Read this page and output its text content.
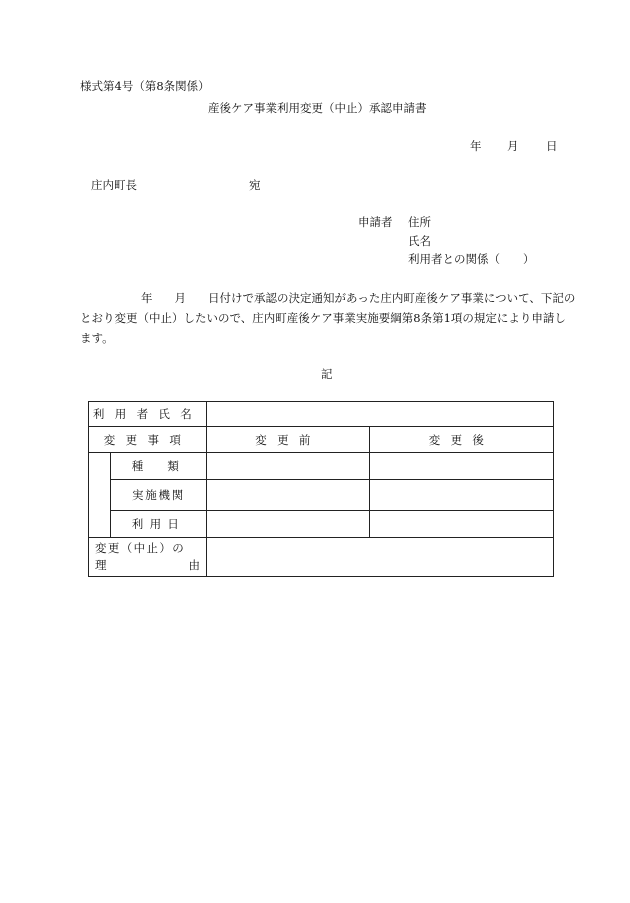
様式第4号（第8条関係）
産後ケア事業利用変更（中止）承認申請書
年 月 日
庄内町長	宛
申請者 住所
氏名
利用者との関係（　　）

年 月 日付けで承認の決定通知があった庄内町産後ケア事業について、下記のとおり変更（中止）したいので、庄内町産後ケア事業実施要綱第8条第1項の規定により申請します。

記
利用者氏名			
変更事項		変更前	変更後
	種　類		
	実施機関		
	利用日		

変更（中止）の
理 由			
